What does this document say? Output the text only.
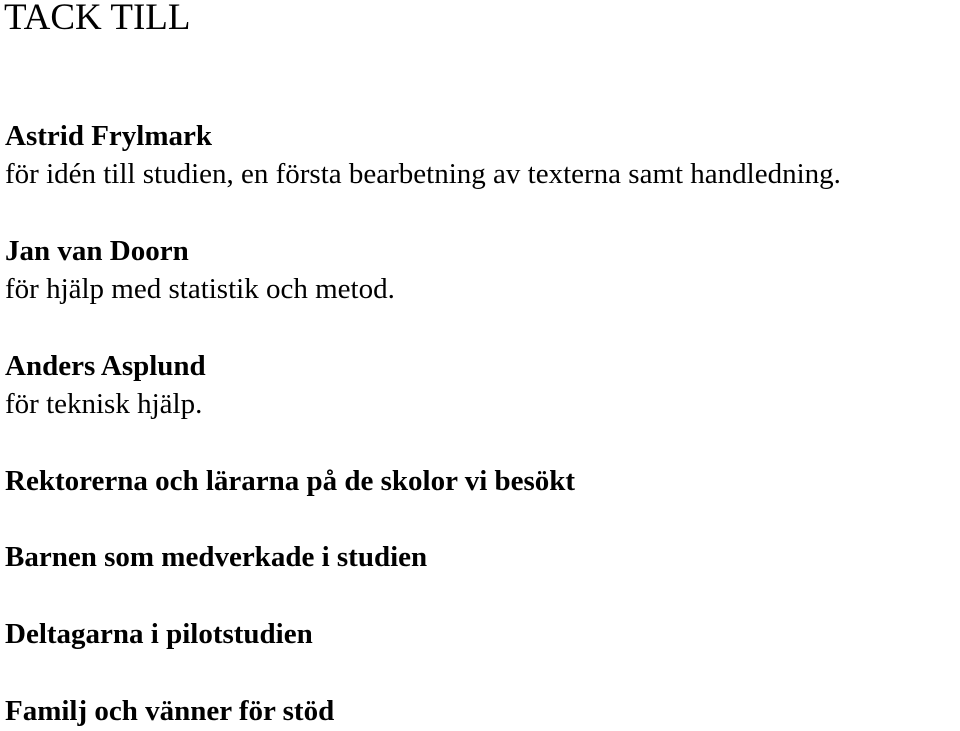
TACK TILL
Astrid Frylmark
för idén till studien, en första bearbetning av texterna samt handledning.
Jan van Doorn
för hjälp med statistik och metod.
Anders Asplund
för teknisk hjälp.

Rektorerna och lärarna på de skolor vi besökt

Barnen som medverkade i studien

Deltagarna i pilotstudien

Familj och vänner för stöd
